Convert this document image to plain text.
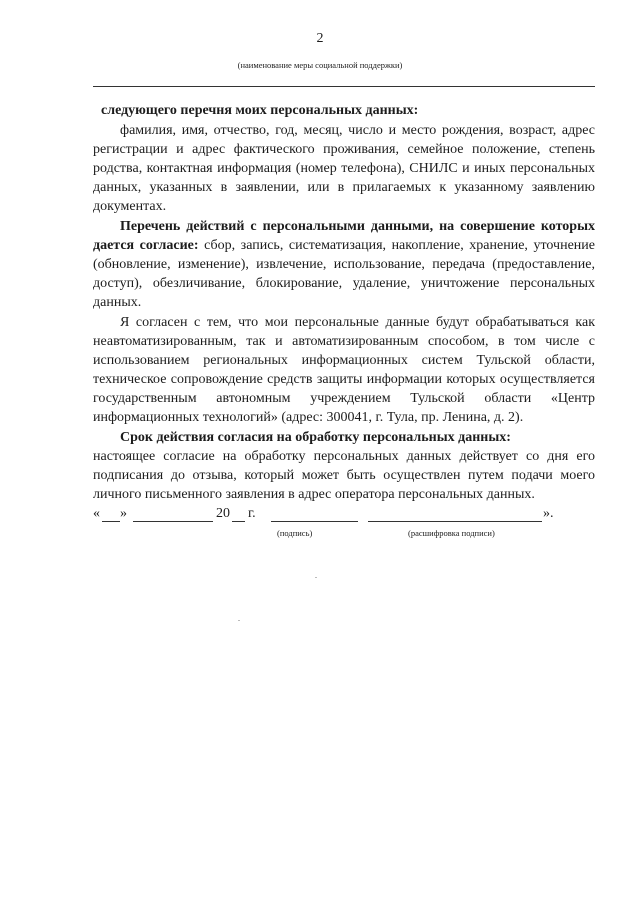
2
(наименование меры социальной поддержки)

следующего перечня моих персональных данных:

фамилия, имя, отчество, год, месяц, число и место рождения, возраст, адрес регистрации и адрес фактического проживания, семейное положение, степень родства, контактная информация (номер телефона), СНИЛС и иных персональных данных, указанных в заявлении, или в прилагаемых к указанному заявлению документах.

Перечень действий с персональными данными, на совершение которых дается согласие: сбор, запись, систематизация, накопление, хранение, уточнение (обновление, изменение), извлечение, использование, передача (предоставление, доступ), обезличивание, блокирование, удаление, уничтожение персональных данных.

Я согласен с тем, что мои персональные данные будут обрабатываться как неавтоматизированным, так и автоматизированным способом, в том числе с использованием региональных информационных систем Тульской области, техническое сопровождение средств защиты информации которых осуществляется государственным автономным учреждением Тульской области «Центр информационных технологий» (адрес: 300041, г. Тула, пр. Ленина, д. 2).

Срок действия согласия на обработку персональных данных:

настоящее согласие на обработку персональных данных действует со дня его подписания до отзыва, который может быть осуществлен путем подачи моего личного письменного заявления в адрес оператора персональных данных.

« »	20 г.	».
(подпись)	(расшифровка подписи)
